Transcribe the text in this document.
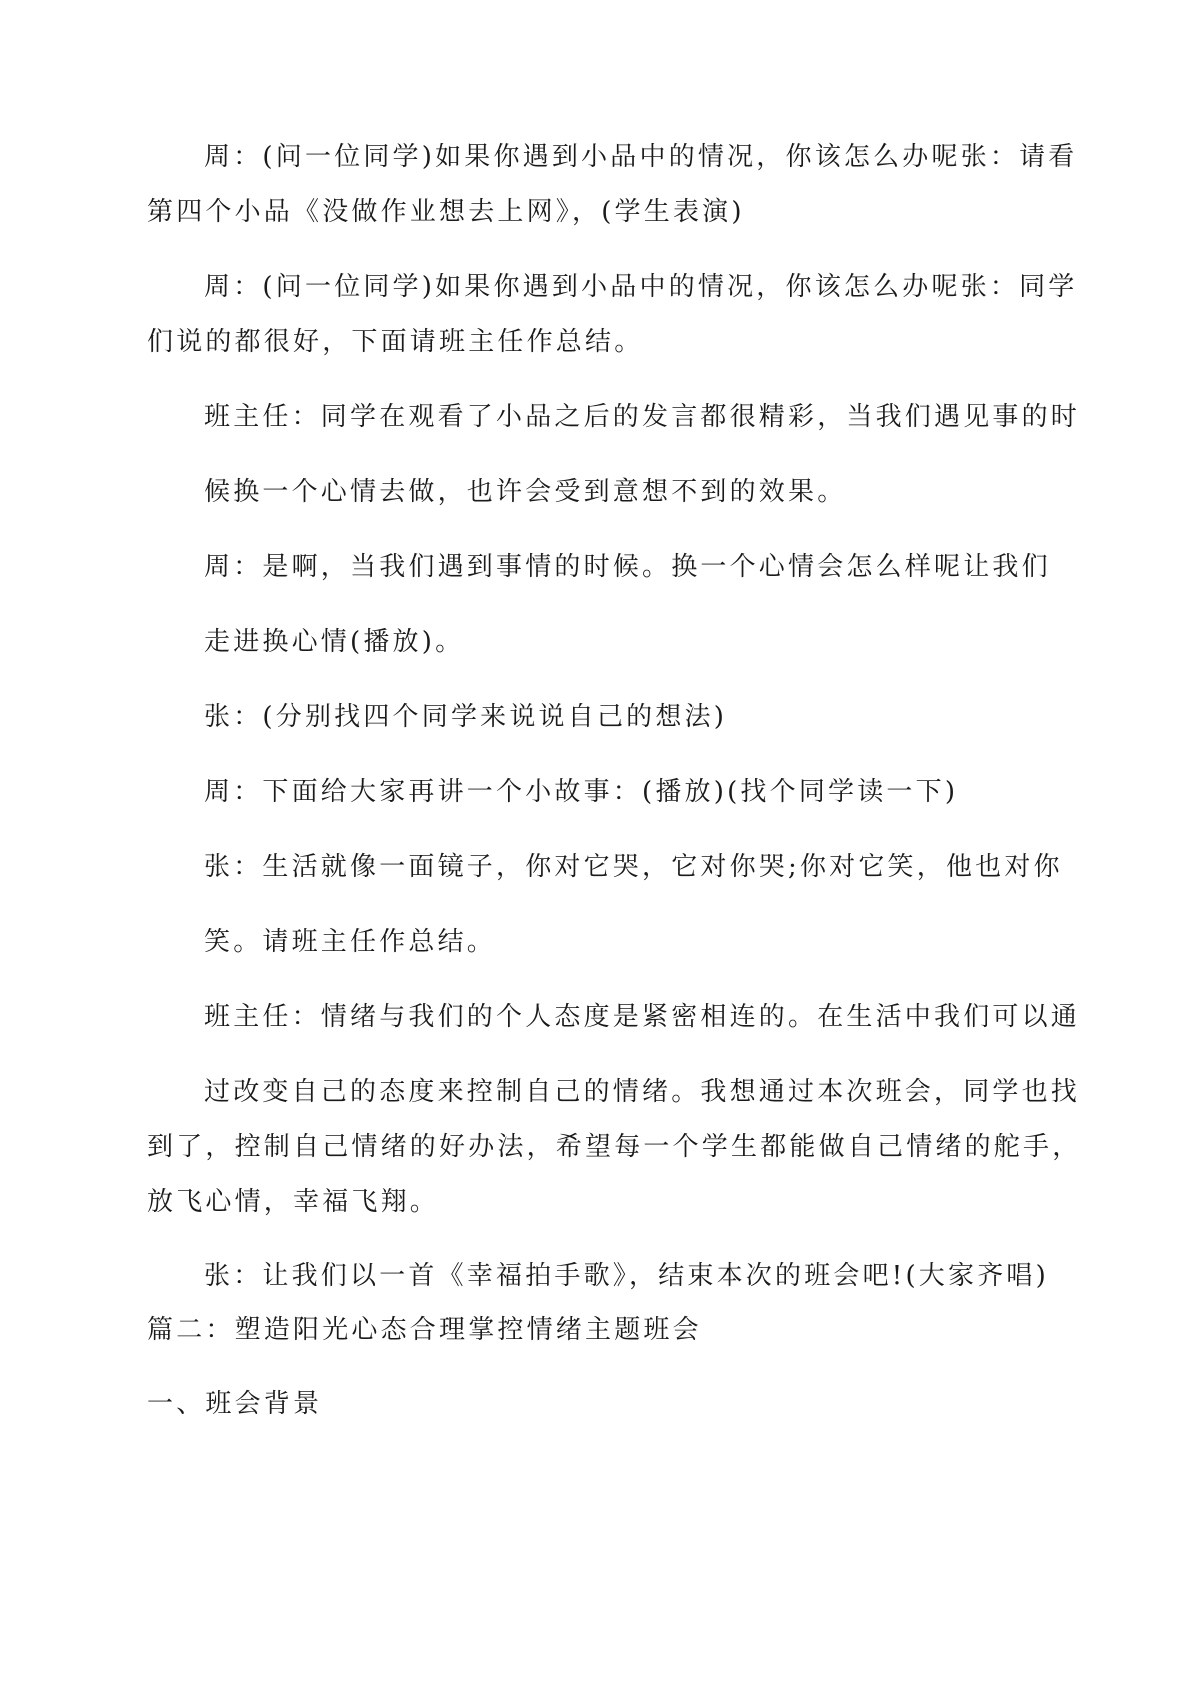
周：(问一位同学)如果你遇到小品中的情况，你该怎么办呢张：请看
第四个小品《没做作业想去上网》，(学生表演)
周：(问一位同学)如果你遇到小品中的情况，你该怎么办呢张：同学
们说的都很好，下面请班主任作总结。
班主任：同学在观看了小品之后的发言都很精彩，当我们遇见事的时
候换一个心情去做，也许会受到意想不到的效果。
周：是啊，当我们遇到事情的时候。换一个心情会怎么样呢让我们
走进换心情(播放)。
张：(分别找四个同学来说说自己的想法)
周：下面给大家再讲一个小故事：(播放)(找个同学读一下)
张：生活就像一面镜子，你对它哭，它对你哭;你对它笑，他也对你
笑。请班主任作总结。
班主任：情绪与我们的个人态度是紧密相连的。在生活中我们可以通
过改变自己的态度来控制自己的情绪。我想通过本次班会，同学也找
到了，控制自己情绪的好办法，希望每一个学生都能做自己情绪的舵手，
放飞心情，幸福飞翔。
张：让我们以一首《幸福拍手歌》，结束本次的班会吧!(大家齐唱)
篇二：塑造阳光心态合理掌控情绪主题班会
一、班会背景
